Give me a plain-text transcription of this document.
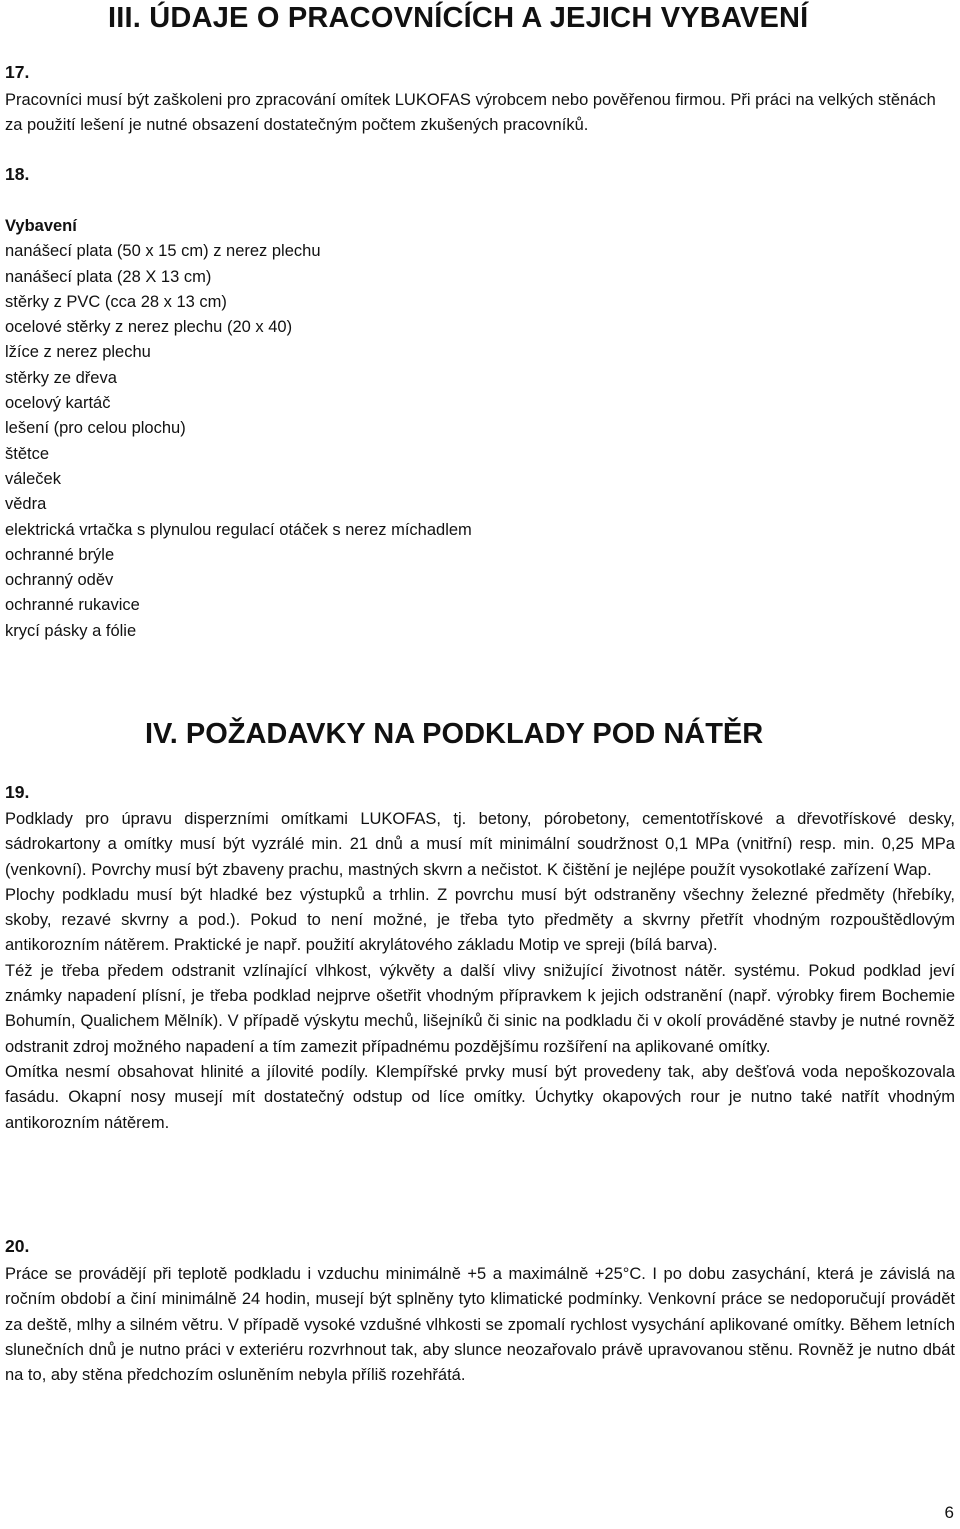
III. ÚDAJE O PRACOVNÍCÍCH A JEJICH VYBAVENÍ
17.

Pracovníci musí být zaškoleni pro zpracování omítek LUKOFAS výrobcem nebo pověřenou firmou. Při práci na velkých stěnách za použití lešení je nutné obsazení dostatečným počtem zkušených pracovníků.

18.

Vybavení

nanášecí plata (50 x 15 cm) z nerez plechu
nanášecí plata (28 X 13 cm)
stěrky z PVC (cca 28 x 13 cm)
ocelové stěrky z nerez plechu (20 x 40)
lžíce z nerez plechu
stěrky ze dřeva
ocelový kartáč
lešení (pro celou plochu)
štětce
váleček
vědra
elektrická vrtačka s plynulou regulací otáček s nerez míchadlem
ochranné brýle
ochranný oděv
ochranné rukavice
krycí pásky a fólie
IV. POŽADAVKY NA PODKLADY POD NÁTĚR
19.

Podklady pro úpravu disperzními omítkami LUKOFAS, tj. betony, pórobetony, cementotřískové a dřevotřískové desky, sádrokartony a omítky musí být vyzrálé min. 21 dnů a musí mít minimální soudržnost 0,1 MPa (vnitřní) resp. min. 0,25 MPa (venkovní). Povrchy musí být zbaveny prachu, mastných skvrn a nečistot. K čištění je nejlépe použít vysokotlaké zařízení Wap.

Plochy podkladu musí být hladké bez výstupků a trhlin. Z povrchu musí být odstraněny všechny železné předměty (hřebíky, skoby, rezavé skvrny a pod.). Pokud to není možné, je třeba tyto předměty a skvrny přetřít vhodným rozpouštědlovým antikorozním nátěrem. Praktické je např. použití akrylátového základu Motip ve spreji (bílá barva).

Též je třeba předem odstranit vzlínající vlhkost, výkvěty a další vlivy snižující životnost nátěr. systému. Pokud podklad jeví známky napadení plísní, je třeba podklad nejprve ošetřit vhodným přípravkem k jejich odstranění (např. výrobky firem Bochemie Bohumín, Qualichem Mělník). V případě výskytu mechů, lišejníků či sinic na podkladu či v okolí prováděné stavby je nutné rovněž odstranit zdroj možného napadení a tím zamezit případnému pozdějšímu rozšíření na aplikované omítky.

Omítka nesmí obsahovat hlinité a jílovité podíly. Klempířské prvky musí být provedeny tak, aby dešťová voda nepoškozovala fasádu. Okapní nosy musejí mít dostatečný odstup od líce omítky. Úchytky okapových rour je nutno také natřít vhodným antikorozním nátěrem.

20.

Práce se provádějí při teplotě podkladu i vzduchu minimálně +5 a maximálně +25°C. I po dobu zasychání, která je závislá na ročním období a činí minimálně 24 hodin, musejí být splněny tyto klimatické podmínky. Venkovní práce se nedoporučují provádět za deště, mlhy a silném větru. V případě vysoké vzdušné vlhkosti se zpomalí rychlost vysychání aplikované omítky. Během letních slunečních dnů je nutno práci v exteriéru rozvrhnout tak, aby slunce neozařovalo právě upravovanou stěnu. Rovněž je nutno dbát na to, aby stěna předchozím osluněním nebyla příliš rozehřátá.

6
